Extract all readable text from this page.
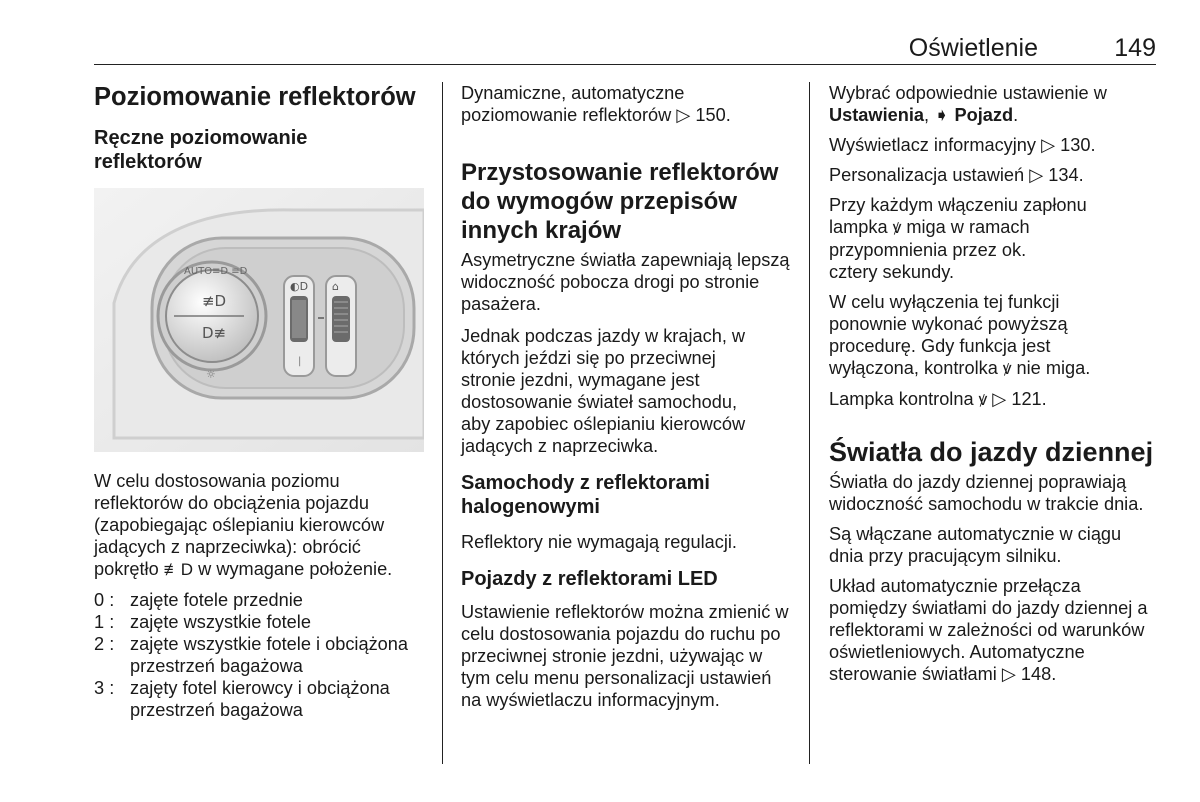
Oświetlenie	149
Poziomowanie reflektorów
Ręczne poziomowanie reflektorów
≢D
D≢
AUTO ≡D ≡D
☼
◐D ⌂
|

W celu dostosowania poziomu reflektorów do obciążenia pojazdu (zapobiegając oślepianiu kierowców jadących z naprzeciwka): obrócić pokrętło ≢D w wymagane położenie.

0 : zajęte fotele przednie
1 : zajęte wszystkie fotele
2 : zajęte wszystkie fotele i obciążona przestrzeń bagażowa
3 : zajęty fotel kierowcy i obciążona przestrzeń bagażowa

Dynamiczne, automatyczne poziomowanie reflektorów ▷ 150.

Przystosowanie reflektorów do wymogów przepisów innych krajów

Asymetryczne światła zapewniają lepszą widoczność pobocza drogi po stronie pasażera.

Jednak podczas jazdy w krajach, w których jeździ się po przeciwnej stronie jezdni, wymagane jest dostosowanie świateł samochodu, aby zapobiec oślepianiu kierowców jadących z naprzeciwka.

Samochody z reflektorami halogenowymi

Reflektory nie wymagają regulacji.

Pojazdy z reflektorami LED

Ustawienie reflektorów można zmienić w celu dostosowania pojazdu do ruchu po przeciwnej stronie jezdni, używając w tym celu menu personalizacji ustawień na wyświetlaczu informacyjnym.

Wybrać odpowiednie ustawienie w Ustawienia, ➧ Pojazd.

Wyświetlacz informacyjny ▷ 130.

Personalizacja ustawień ▷ 134.

Przy każdym włączeniu zapłonu lampka ꝟ miga w ramach przypomnienia przez ok.
cztery sekundy.

W celu wyłączenia tej funkcji ponownie wykonać powyższą procedurę. Gdy funkcja jest wyłączona, kontrolka ꝟ nie miga.

Lampka kontrolna ꝟ ▷ 121.

Światła do jazdy dziennej

Światła do jazdy dziennej poprawiają widoczność samochodu w trakcie dnia.

Są włączane automatycznie w ciągu dnia przy pracującym silniku.

Układ automatycznie przełącza pomiędzy światłami do jazdy dziennej a reflektorami w zależności od warunków oświetleniowych. Automatyczne sterowanie światłami ▷ 148.
